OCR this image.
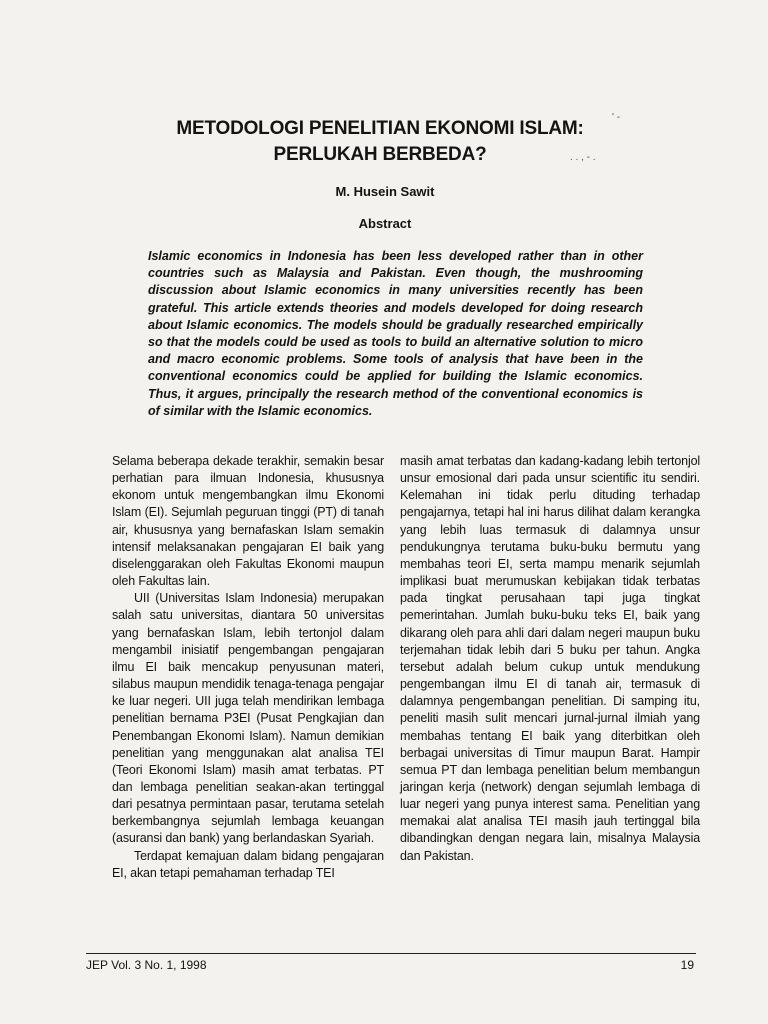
METODOLOGI PENELITIAN EKONOMI ISLAM:
PERLUKAH BERBEDA?
' -
. . , - .
M. Husein Sawit
Abstract

Islamic economics in Indonesia has been less developed rather than in other countries such as Malaysia and Pakistan. Even though, the mushrooming discussion about Islamic economics in many universities recently has been grateful. This article extends theories and models developed for doing research about Islamic economics. The models should be gradually researched empirically so that the models could be used as tools to build an alternative solution to micro and macro economic problems. Some tools of analysis that have been in the conventional economics could be applied for building the Islamic economics. Thus, it argues, principally the research method of the conventional economics is of similar with the Islamic economics.

Selama beberapa dekade terakhir, semakin besar perhatian para ilmuan Indonesia, khususnya ekonom untuk mengembangkan ilmu Ekonomi Islam (EI). Sejumlah peguruan tinggi (PT) di tanah air, khususnya yang bernafaskan Islam semakin intensif melaksanakan pengajaran EI baik yang diselenggarakan oleh Fakultas Ekonomi maupun oleh Fakultas lain.

UII (Universitas Islam Indonesia) merupakan salah satu universitas, diantara 50 universitas yang bernafaskan Islam, lebih tertonjol dalam mengambil inisiatif pengembangan pengajaran ilmu EI baik mencakup penyusunan materi, silabus maupun mendidik tenaga-tenaga pengajar ke luar negeri. UII juga telah mendirikan lembaga penelitian bernama P3EI (Pusat Pengkajian dan Penembangan Ekonomi Islam). Namun demikian penelitian yang menggunakan alat analisa TEI (Teori Ekonomi Islam) masih amat terbatas. PT dan lembaga penelitian seakan-akan tertinggal dari pesatnya permintaan pasar, terutama setelah berkembangnya sejumlah lembaga keuangan (asuransi dan bank) yang berlandaskan Syariah.

Terdapat kemajuan dalam bidang pengajaran EI, akan tetapi pemahaman terhadap TEI

masih amat terbatas dan kadang-kadang lebih tertonjol unsur emosional dari pada unsur scientific itu sendiri. Kelemahan ini tidak perlu dituding terhadap pengajarnya, tetapi hal ini harus dilihat dalam kerangka yang lebih luas termasuk di dalamnya unsur pendukungnya terutama buku-buku bermutu yang membahas teori EI, serta mampu menarik sejumlah implikasi buat merumuskan kebijakan tidak terbatas pada tingkat perusahaan tapi juga tingkat pemerintahan. Jumlah buku-buku teks EI, baik yang dikarang oleh para ahli dari dalam negeri maupun buku terjemahan tidak lebih dari 5 buku per tahun. Angka tersebut adalah belum cukup untuk mendukung pengembangan ilmu EI di tanah air, termasuk di dalamnya pengembangan penelitian. Di samping itu, peneliti masih sulit mencari jurnal-jurnal ilmiah yang membahas tentang EI baik yang diterbitkan oleh berbagai universitas di Timur maupun Barat. Hampir semua PT dan lembaga penelitian belum membangun jaringan kerja (network) dengan sejumlah lembaga di luar negeri yang punya interest sama. Penelitian yang memakai alat analisa TEI masih jauh tertinggal bila dibandingkan dengan negara lain, misalnya Malaysia dan Pakistan.

JEP Vol. 3 No. 1, 1998	19
